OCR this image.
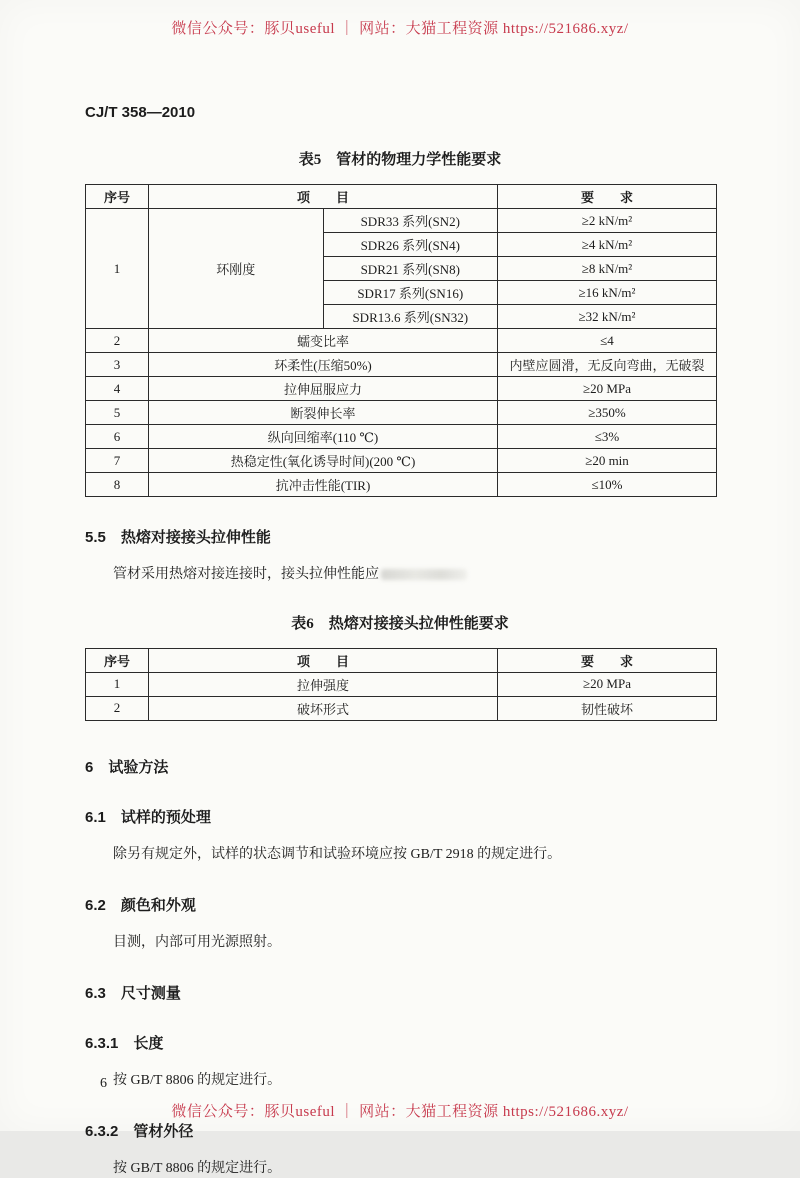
微信公众号：豚贝useful ｜ 网站：大猫工程资源 https://521686.xyz/
CJ/T 358—2010
表5　管材的物理力学性能要求
序号	项　　目		要　　求
1	环刚度	SDR33 系列(SN2)	≥2 kN/m²
		SDR26 系列(SN4)	≥4 kN/m²
		SDR21 系列(SN8)	≥8 kN/m²
		SDR17 系列(SN16)	≥16 kN/m²
		SDR13.6 系列(SN32)	≥32 kN/m²
2	蠕变比率		≤4
3	环柔性(压缩50%)		内壁应圆滑，无反向弯曲，无破裂
4	拉伸屈服应力		≥20 MPa
5	断裂伸长率		≥350%
6	纵向回缩率(110 ℃)		≤3%
7	热稳定性(氧化诱导时间)(200 ℃)		≥20 min
8	抗冲击性能(TIR)		≤10%
5.5　热熔对接接头拉伸性能
管材采用热熔对接连接时，接头拉伸性能应
表6　热熔对接接头拉伸性能要求
序号	项　　目	要　　求
1	拉伸强度	≥20 MPa
2	破坏形式	韧性破坏
6　试验方法
6.1　试样的预处理
除另有规定外，试样的状态调节和试验环境应按 GB/T 2918 的规定进行。
6.2　颜色和外观
目测，内部可用光源照射。
6.3　尺寸测量
6.3.1　长度
按 GB/T 8806 的规定进行。
6.3.2　管材外径
按 GB/T 8806 的规定进行。
6
微信公众号：豚贝useful ｜ 网站：大猫工程资源 https://521686.xyz/
